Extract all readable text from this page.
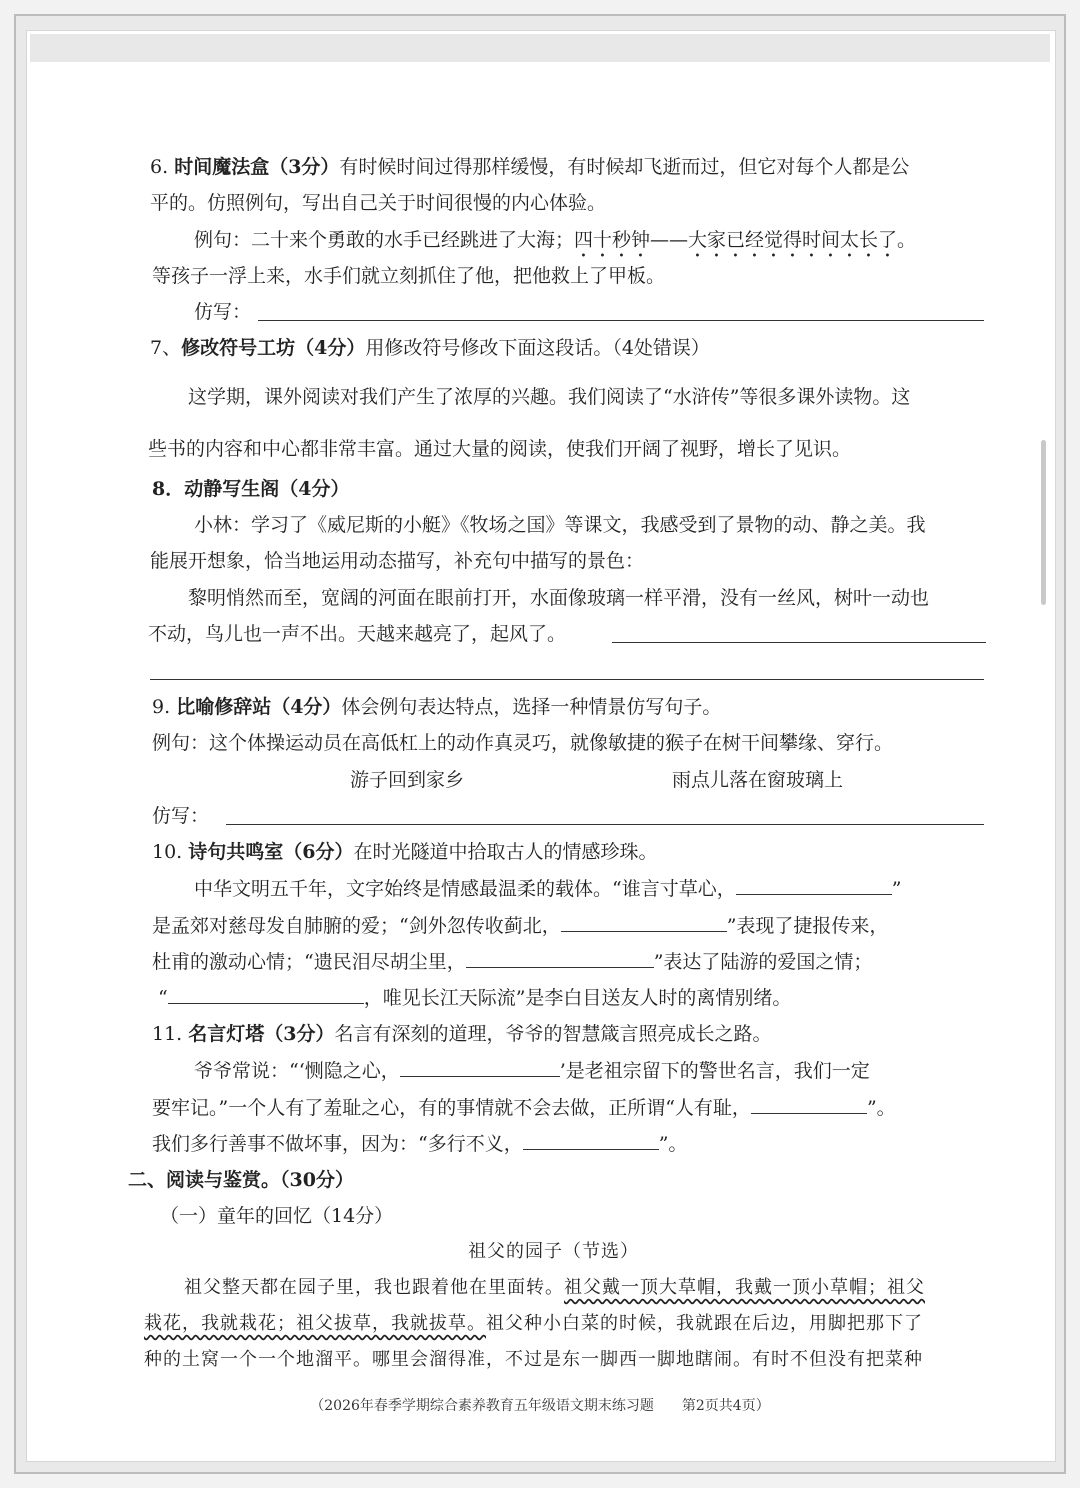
6. 时间魔法盒（3分）有时候时间过得那样缓慢，有时候却飞逝而过，但它对每个人都是公
平的。仿照例句，写出自己关于时间很慢的内心体验。
例句：二十来个勇敢的水手已经跳进了大海；四十秒钟——大家已经觉得时间太长了。
等孩子一浮上来，水手们就立刻抓住了他，把他救上了甲板。
仿写：
7、修改符号工坊（4分）用修改符号修改下面这段话。（4处错误）
这学期，课外阅读对我们产生了浓厚的兴趣。我们阅读了“水浒传”等很多课外读物。这
些书的内容和中心都非常丰富。通过大量的阅读，使我们开阔了视野，增长了见识。
8．动静写生阁（4分）
小林：学习了《威尼斯的小艇》《牧场之国》等课文，我感受到了景物的动、静之美。我
能展开想象，恰当地运用动态描写，补充句中描写的景色：
黎明悄然而至，宽阔的河面在眼前打开，水面像玻璃一样平滑，没有一丝风，树叶一动也
不动，鸟儿也一声不出。天越来越亮了，起风了。
9. 比喻修辞站（4分）体会例句表达特点，选择一种情景仿写句子。
例句：这个体操运动员在高低杠上的动作真灵巧，就像敏捷的猴子在树干间攀缘、穿行。
游子回到家乡	雨点儿落在窗玻璃上
仿写：
10. 诗句共鸣室（6分）在时光隧道中拾取古人的情感珍珠。
中华文明五千年，文字始终是情感最温柔的载体。“谁言寸草心，	”
是孟郊对慈母发自肺腑的爱；“剑外忽传收蓟北，	”表现了捷报传来，
杜甫的激动心情；“遗民泪尽胡尘里，	”表达了陆游的爱国之情；
“	，唯见长江天际流”是李白目送友人时的离情别绪。
11. 名言灯塔（3分）名言有深刻的道理，爷爷的智慧箴言照亮成长之路。
爷爷常说：“‘恻隐之心，	’是老祖宗留下的警世名言，我们一定
要牢记。”一个人有了羞耻之心，有的事情就不会去做，正所谓“人有耻，	”。
我们多行善事不做坏事，因为：“多行不义，	”。
二、阅读与鉴赏。（30分）
（一）童年的回忆（14分）
祖父的园子（节选）
祖父整天都在园子里，我也跟着他在里面转。祖父戴一顶大草帽，我戴一顶小草帽；祖父
栽花，我就栽花；祖父拔草，我就拔草。祖父种小白菜的时候，我就跟在后边，用脚把那下了
种的土窝一个一个地溜平。哪里会溜得准，不过是东一脚西一脚地瞎闹。有时不但没有把菜种
（2026年春季学期综合素养教育五年级语文期末练习题　　第2页共4页）
